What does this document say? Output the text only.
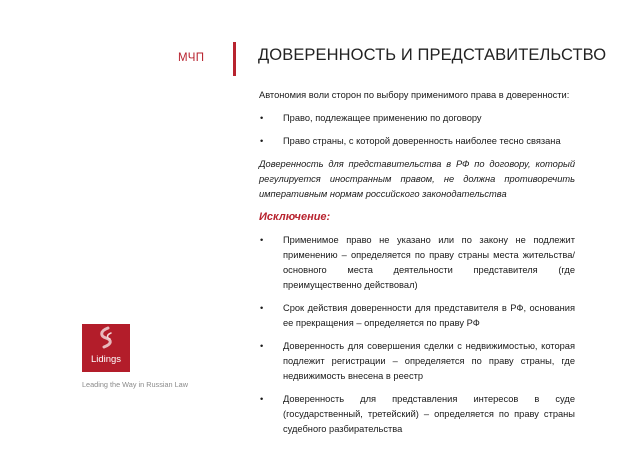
МЧП	ДОВЕРЕННОСТЬ И ПРЕДСТАВИТЕЛЬСТВО

Автономия воли сторон по выбору применимого права в доверенности:

• Право, подлежащее применению по договору
• Право страны, с которой доверенность наиболее тесно связана

Доверенность для представительства в РФ по договору, который регулируется иностранным правом, не должна противоречить императивным нормам российского законодательства

Исключение:

• Применимое право не указано или по закону не подлежит применению – определяется по праву страны места жительства/основного места деятельности представителя (где преимущественно действовал)
• Срок действия доверенности для представителя в РФ, основания ее прекращения – определяется по праву РФ
• Доверенность для совершения сделки с недвижимостью, которая подлежит регистрации – определяется по праву страны, где недвижимость внесена в реестр
• Доверенность для представления интересов в суде (государственный, третейский) – определяется по праву страны судебного разбирательства
Lidings
Leading the Way in Russian Law
